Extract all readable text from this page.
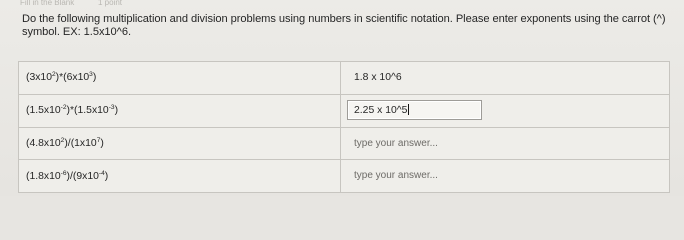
Fill in the Blank	1 point
Do the following multiplication and division problems using numbers in scientific notation. Please enter exponents using the carrot (^) symbol. EX: 1.5x10^6.
$(3x10^2)*(6x10^3)$	1.8 x 10^6

$(1.5x10^{-2})*(1.5x10^{-3})$	2.25 x 10^5

$(4.8x10^2)/(1x10^7)$	type your answer...

$(1.8x10^{-6})/(9x10^{-4})$	type your answer...
